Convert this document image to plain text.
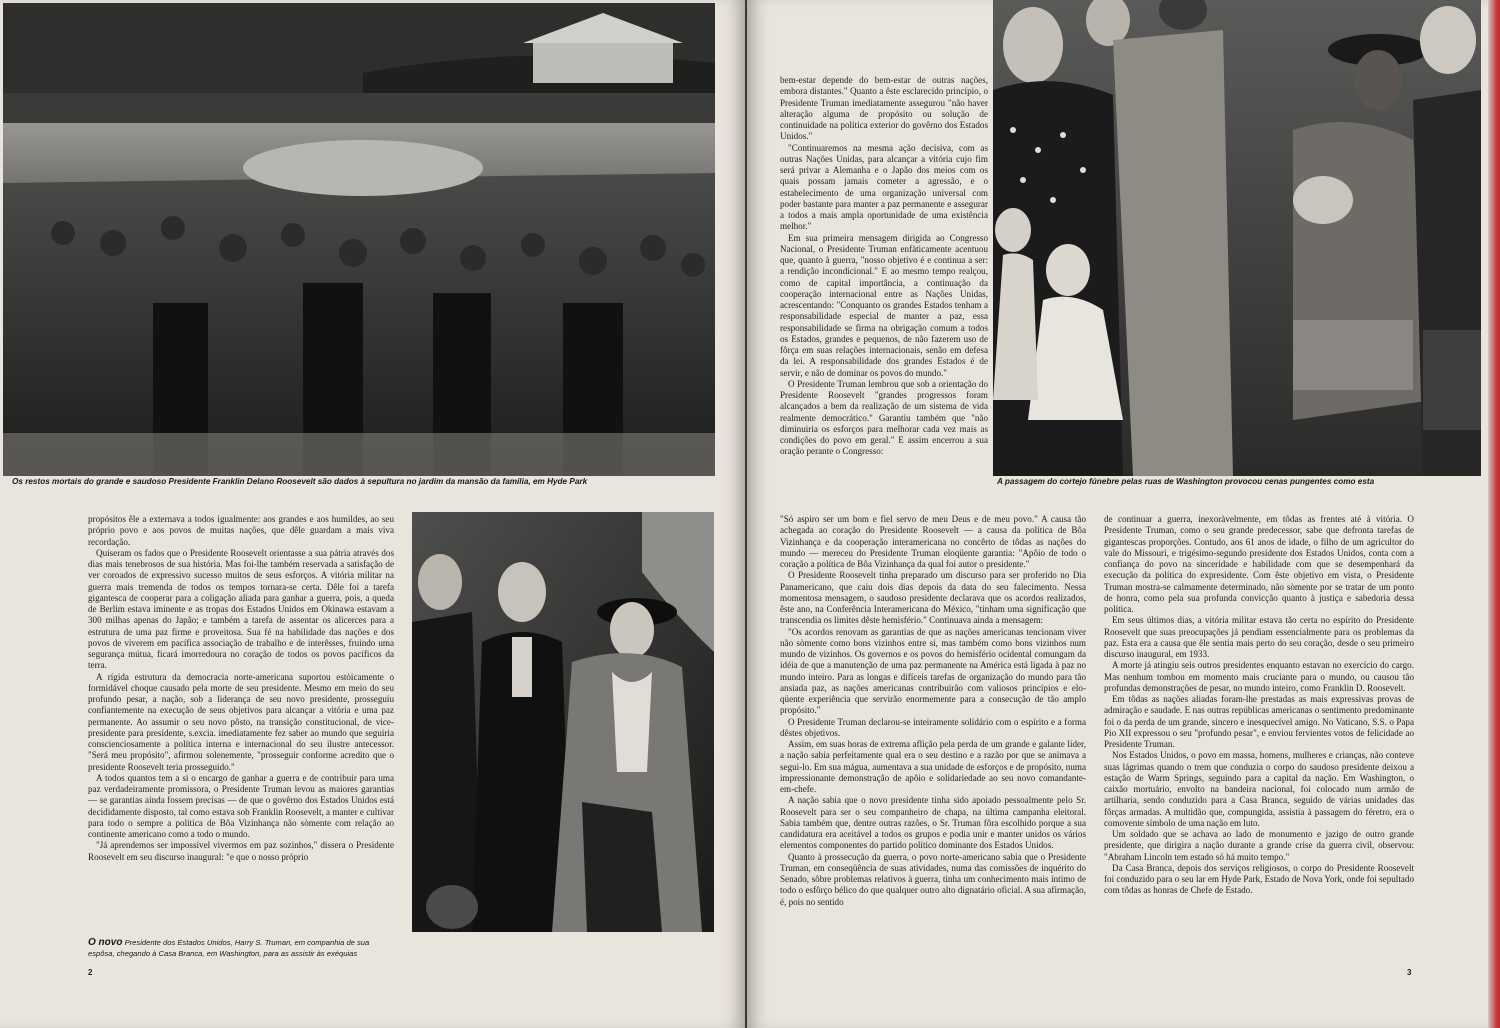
Os restos mortais do grande e saudoso Presidente Franklin Delano Roosevelt são dados à sepultura no jardim da mansão da família, em Hyde Park

propósitos êle a externava a todos igualmente: aos grandes e aos humildes, ao seu próprio povo e aos povos de muitas nações, que dêle guardam a mais viva recordação.

Quiseram os fados que o Presidente Roosevelt orientasse a sua pátria através dos dias mais tenebrosos de sua história. Mas foi-lhe também reservada a satisfação de ver coroados de expressivo sucesso muitos de seus esforços. A vitória militar na guerra mais tremenda de todos os tempos tornara-se certa. Dêle foi a tarefa gigantesca de cooperar para a coligação aliada para ganhar a guerra, pois, a queda de Berlim estava iminente e as tropas dos Estados Unidos em Okinawa estavam a 300 milhas apenas do Japão; e também a tarefa de assentar os alicerces para a estrutura de uma paz firme e proveitosa. Sua fé na habilidade das nações e dos povos de viverem em pacífica associação de trabalho e de interêsses, fruindo uma segurança mútua, ficará imorredoura no coração de todos os povos pacíficos da terra.

A rígida estrutura da democracia norte-americana suportou estòicamente o formidável choque causado pela morte de seu presidente. Mesmo em meio do seu profundo pesar, a nação, sob a liderança de seu novo presidente, prosseguiu confiantemente na execução de seus objetivos para alcançar a vitória e uma paz permanente. Ao assumir o seu novo pôsto, na transição constitucional, de vice-presidente para presidente, s.excia. imediatamente fez saber ao mundo que seguiria conscienciosamente a política interna e internacional do seu ilustre antecessor. "Será meu propósito", afirmou solenemente, "prosseguir conforme acredito que o presidente Roosevelt teria prosseguido."

A todos quantos tem a si o encargo de ganhar a guerra e de contribuir para uma paz verdadeiramente promissora, o Presidente Truman levou as maiores garantias — se garantias ainda fossem precisas — de que o govêrno dos Estados Unidos está decididamente disposto, tal como estava sob Franklin Roosevelt, a manter e cultivar para todo o sempre a política de Bôa Vizinhança não sòmente com relação ao continente americano como a todo o mundo.

"Já aprendemos ser impossível vivermos em paz sozinhos," dissera o Presidente Roosevelt em seu discurso inaugural: "e que o nosso próprio

O novo Presidente dos Estados Unidos, Harry S. Truman, em companhia de sua espôsa, chegando à Casa Branca, em Washington, para as assistir às exéquias
2

bem-estar depende do bem-estar de outras nações, embora distantes." Quanto a êste esclarecido princípio, o Presidente Truman imediatamente assegurou "não haver alteração alguma de propósito ou solução de continuidade na política exterior do govêrno dos Estados Unidos."

"Continuaremos na mesma ação decisiva, com as outras Nações Unidas, para alcançar a vitória cujo fim será privar a Alemanha e o Japão dos meios com os quais possam jamais cometer a agressão, e o estabelecimento de uma organização universal com poder bastante para manter a paz permanente e assegurar a todos a mais ampla oportunidade de uma existência melhor."

Em sua primeira mensagem dirigida ao Congresso Nacional, o Presidente Truman enfàticamente acentuou que, quanto à guerra, "nosso objetivo é e continua a ser: a rendição incondicional." E ao mesmo tempo realçou, como de capital importância, a continuação da cooperação internacional entre as Nações Unidas, acrescentando: "Conquanto os grandes Estados tenham a responsabilidade especial de manter a paz, essa responsabilidade se firma na obrigação comum a todos os Estados, grandes e pequenos, de não fazerem uso de fôrça em suas relações internacionais, senão em defesa da lei. A responsabilidade dos grandes Estados é de servir, e não de dominar os povos do mundo."

O Presidente Truman lembrou que sob a orientação do Presidente Roosevelt "grandes progressos foram alcançados a bem da realização de um sistema de vida realmente democrático." Garantiu também que "não diminuiria os esforços para melhorar cada vez mais as condições do povo em geral." E assim encerrou a sua oração perante o Congresso:

A passagem do cortejo fúnebre pelas ruas de Washington provocou cenas pungentes como esta

"Só aspiro ser um bom e fiel servo de meu Deus e de meu povo." A causa tão achegada ao coração do Presidente Roosevelt — a causa da política de Bôa Vizinhança e da cooperação interamericana no concêrto de tôdas as nações do mundo — mereceu do Presidente Truman eloqüente garantia: "Apôio de todo o coração a política de Bôa Vizinhança da qual foi autor o presidente."

O Presidente Roosevelt tinha preparado um discurso para ser proferido no Dia Panamericano, que caiu dois dias depois da data do seu falecimento. Nessa momentosa mensagem, o saudoso presidente declarava que os acordos realizados, êste ano, na Conferência Interamericana do México, "tinham uma significação que transcendia os limites dêste hemisfério." Continuava ainda a mensagem:

"Os acordos renovam as garantias de que as nações americanas tencionam viver não sòmente como bons vizinhos entre si, mas também como bons vizinhos num mundo de vizinhos. Os governos e os povos do hemisfério ocidental comungam da idéia de que a manutenção de uma paz permanente na América está ligada à paz no mundo inteiro. Para as longas e difíceis tarefas de organização do mundo para tão ansiada paz, as nações americanas contribuirão com valiosos princípios e elo-qüente experiência que servirão enormemente para a consecução de tão amplo propósito."

O Presidente Truman declarou-se inteiramente solidário com o espírito e a forma dêstes objetivos.

Assim, em suas horas de extrema aflição pela perda de um grande e galante líder, a nação sabia perfeitamente qual era o seu destino e a razão por que se animava a segui-lo. Em sua mágua, aumentava a sua unidade de esforços e de propósito, numa impressionante demonstração de apôio e solidariedade ao seu novo comandante-em-chefe.

A nação sabia que o novo presidente tinha sido apoiado pessoalmente pelo Sr. Roosevelt para ser o seu companheiro de chapa, na última campanha eleitoral. Sabia também que, dentre outras razões, o Sr. Truman fôra escolhido porque a sua candidatura era aceitável a todos os grupos e podia unir e manter unidos os vários elementos componentes do partido político dominante dos Estados Unidos.

Quanto à prossecução da guerra, o povo norte-americano sabia que o Presidente Truman, em conseqüência de suas atividades, numa das comissões de inquérito do Senado, sôbre problemas relativos à guerra, tinha um conhecimento mais íntimo de todo o esfôrço bélico do que qualquer outro alto dignatário oficial. A sua afirmação, é, pois no sentido

de continuar a guerra, inexoràvelmente, em tôdas as frentes até à vitória. O Presidente Truman, como o seu grande predecessor, sabe que defronta tarefas de gigantescas proporções. Contudo, aos 61 anos de idade, o filho de um agricultor do vale do Missouri, e trigésimo-segundo presidente dos Estados Unidos, conta com a confiança do povo na sinceridade e habilidade com que se desempenhará da execução da política do expresidente. Com êste objetivo em vista, o Presidente Truman mostra-se calmamente determinado, não sòmente por se tratar de um ponto de honra, como pela sua profunda convicção quanto à justiça e sabedoria dessa política.

Em seus últimos dias, a vitória militar estava tão certa no espírito do Presidente Roosevelt que suas preocupações já pendiam essencialmente para os problemas da paz. Esta era a causa que êle sentia mais perto do seu coração, desde o seu primeiro discurso inaugural, em 1933.

A morte já atingiu seis outros presidentes enquanto estavan no exercício do cargo. Mas nenhum tombou em momento mais cruciante para o mundo, ou causou tão profundas demonstrações de pesar, no mundo inteiro, como Franklin D. Roosevelt.

Em tôdas as nações aliadas foram-lhe prestadas as mais expressivas provas de admiração e saudade. E nas outras repúblicas americanas o sentimento predominante foi o da perda de um grande, sincero e inesquecível amigo. No Vaticano, S.S. o Papa Pio XII expressou o seu "profundo pesar", e enviou fervientes votos de felicidade ao Presidente Truman.

Nos Estados Unidos, o povo em massa, homens, mulheres e crianças, não conteve suas lágrimas quando o trem que conduzia o corpo do saudoso presidente deixou a estação de Warm Springs, seguindo para a capital da nação. Em Washington, o caixão mortuário, envolto na bandeira nacional, foi colocado num armão de artilharia, sendo conduzido para a Casa Branca, seguido de várias unidades das fôrças armadas. A multidão que, compungida, assistia à passagem do féretro, era o comovente símbolo de uma nação em luto.

Um soldado que se achava ao lado de monumento e jazigo de outro grande presidente, que dirigira a nação durante a grande crise da guerra civil, observou: "Abraham Lincoln tem estado só há muito tempo."

Da Casa Branca, depois dos serviços religiosos, o corpo do Presidente Roosevelt foi conduzido para o seu lar em Hyde Park, Estado de Nova York, onde foi sepultado com tôdas as honras de Chefe de Estado.

3
